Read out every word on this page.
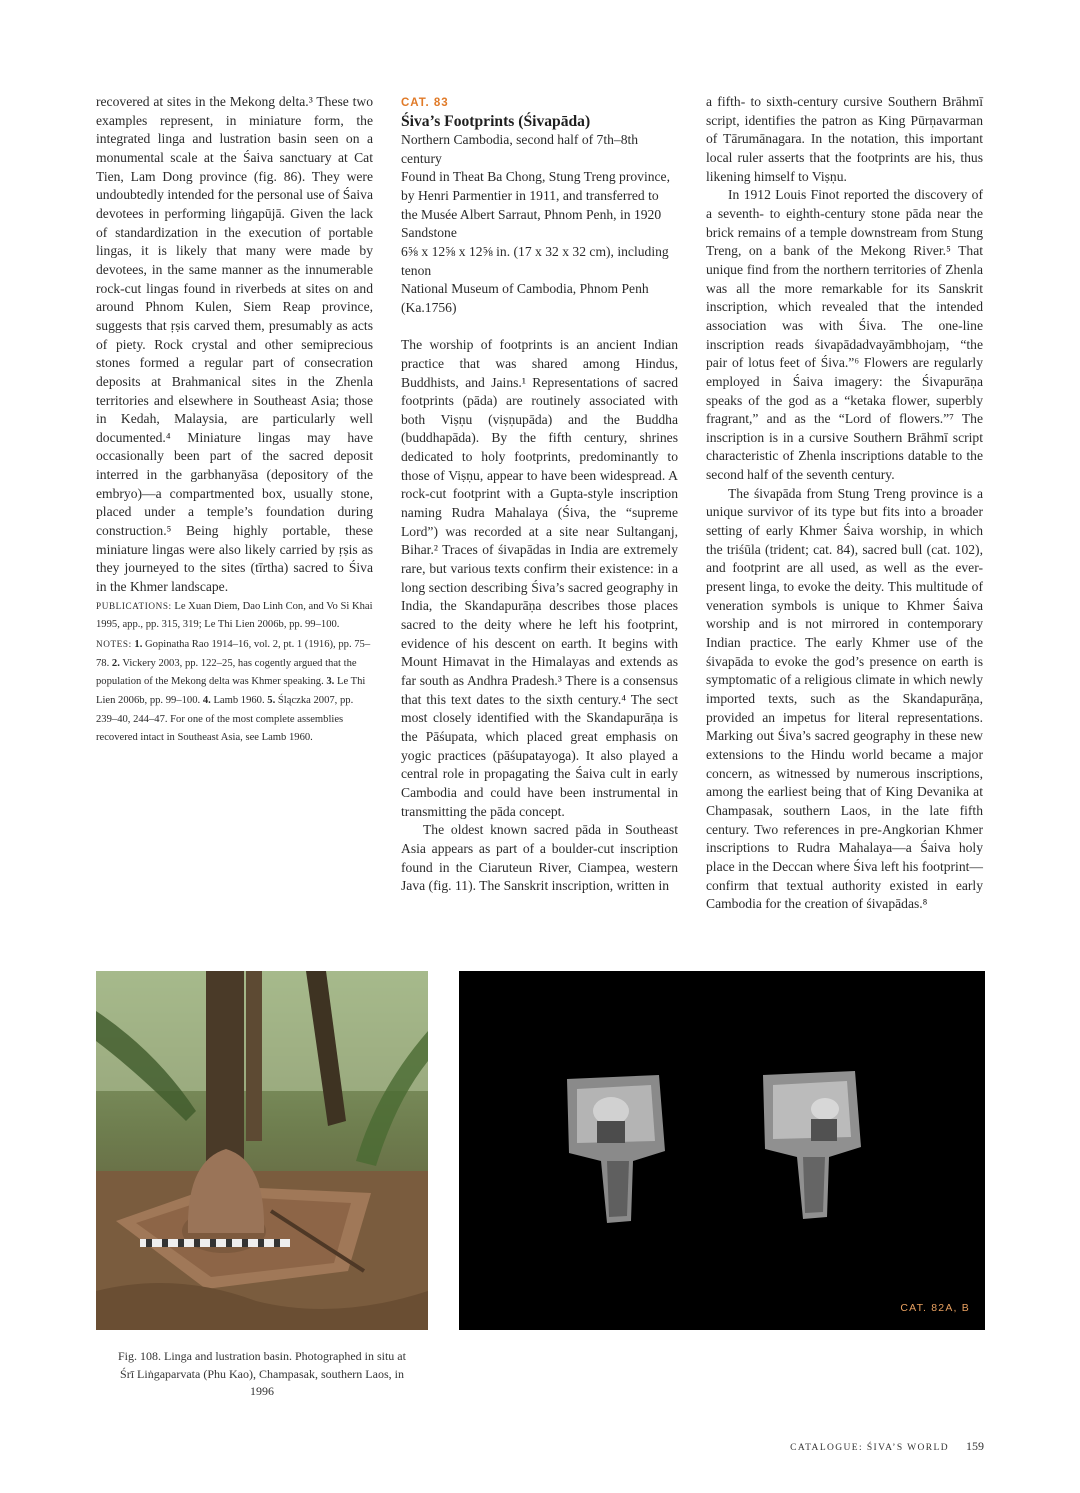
recovered at sites in the Mekong delta.³ These two examples represent, in miniature form, the integrated linga and lustration basin seen on a monumental scale at the Śaiva sanctuary at Cat Tien, Lam Dong province (fig. 86). They were undoubtedly intended for the personal use of Śaiva devotees in performing liṅgapūjā. Given the lack of standardization in the execution of portable lingas, it is likely that many were made by devotees, in the same manner as the innumerable rock-cut lingas found in riverbeds at sites on and around Phnom Kulen, Siem Reap province, suggests that ṛṣis carved them, presumably as acts of piety. Rock crystal and other semiprecious stones formed a regular part of consecration deposits at Brahmanical sites in the Zhenla territories and elsewhere in Southeast Asia; those in Kedah, Malaysia, are particularly well documented.⁴ Miniature lingas may have occasionally been part of the sacred deposit interred in the garbhanyāsa (depository of the embryo)—a compartmented box, usually stone, placed under a temple’s foundation during construction.⁵ Being highly portable, these miniature lingas were also likely carried by ṛṣis as they journeyed to the sites (tīrtha) sacred to Śiva in the Khmer landscape.

PUBLICATIONS: Le Xuan Diem, Dao Linh Con, and Vo Si Khai 1995, app., pp. 315, 319; Le Thi Lien 2006b, pp. 99–100.

NOTES: 1. Gopinatha Rao 1914–16, vol. 2, pt. 1 (1916), pp. 75–78. 2. Vickery 2003, pp. 122–25, has cogently argued that the population of the Mekong delta was Khmer speaking. 3. Le Thi Lien 2006b, pp. 99–100. 4. Lamb 1960. 5. Ślączka 2007, pp. 239–40, 244–47. For one of the most complete assemblies recovered intact in Southeast Asia, see Lamb 1960.

CAT. 83

Śiva’s Footprints (Śivapāda)

Northern Cambodia, second half of 7th–8th century

Found in Theat Ba Chong, Stung Treng province, by Henri Parmentier in 1911, and transferred to the Musée Albert Sarraut, Phnom Penh, in 1920

Sandstone

6⅝ x 12⅝ x 12⅝ in. (17 x 32 x 32 cm), including tenon

National Museum of Cambodia, Phnom Penh (Ka.1756)

The worship of footprints is an ancient Indian practice that was shared among Hindus, Buddhists, and Jains.¹ Representations of sacred footprints (pāda) are routinely associated with both Viṣṇu (viṣṇupāda) and the Buddha (buddhapāda). By the fifth century, shrines dedicated to holy footprints, predominantly to those of Viṣṇu, appear to have been widespread. A rock-cut footprint with a Gupta-style inscription naming Rudra Mahalaya (Śiva, the “supreme Lord”) was recorded at a site near Sultanganj, Bihar.² Traces of śivapādas in India are extremely rare, but various texts confirm their existence: in a long section describing Śiva’s sacred geography in India, the Skandapurāṇa describes those places sacred to the deity where he left his footprint, evidence of his descent on earth. It begins with Mount Himavat in the Himalayas and extends as far south as Andhra Pradesh.³ There is a consensus that this text dates to the sixth century.⁴ The sect most closely identified with the Skandapurāṇa is the Pāśupata, which placed great emphasis on yogic practices (pāśupatayoga). It also played a central role in propagating the Śaiva cult in early Cambodia and could have been instrumental in transmitting the pāda concept.

The oldest known sacred pāda in Southeast Asia appears as part of a boulder-cut inscription found in the Ciaruteun River, Ciampea, western Java (fig. 11). The Sanskrit inscription, written in

a fifth- to sixth-century cursive Southern Brāhmī script, identifies the patron as King Pūrṇavarman of Tārumānagara. In the notation, this important local ruler asserts that the footprints are his, thus likening himself to Viṣṇu.

In 1912 Louis Finot reported the discovery of a seventh- to eighth-century stone pāda near the brick remains of a temple downstream from Stung Treng, on a bank of the Mekong River.⁵ That unique find from the northern territories of Zhenla was all the more remarkable for its Sanskrit inscription, which revealed that the intended association was with Śiva. The one-line inscription reads śivapādadvayāmbhojaṃ, “the pair of lotus feet of Śiva.”⁶ Flowers are regularly employed in Śaiva imagery: the Śivapurāṇa speaks of the god as a “ketaka flower, superbly fragrant,” and as the “Lord of flowers.”⁷ The inscription is in a cursive Southern Brāhmī script characteristic of Zhenla inscriptions datable to the second half of the seventh century.

The śivapāda from Stung Treng province is a unique survivor of its type but fits into a broader setting of early Khmer Śaiva worship, in which the triśūla (trident; cat. 84), sacred bull (cat. 102), and footprint are all used, as well as the ever-present linga, to evoke the deity. This multitude of veneration symbols is unique to Khmer Śaiva worship and is not mirrored in contemporary Indian practice. The early Khmer use of the śivapāda to evoke the god’s presence on earth is symptomatic of a religious climate in which newly imported texts, such as the Skandapurāṇa, provided an impetus for literal representations. Marking out Śiva’s sacred geography in these new extensions to the Hindu world became a major concern, as witnessed by numerous inscriptions, among the earliest being that of King Devanika at Champasak, southern Laos, in the late fifth century. Two references in pre-Angkorian Khmer inscriptions to Rudra Mahalaya—a Śaiva holy place in the Deccan where Śiva left his footprint—confirm that textual authority existed in early Cambodia for the creation of śivapādas.⁸

CAT. 82A, B

Fig. 108. Linga and lustration basin. Photographed in situ at Śrī Liṅgaparvata (Phu Kao), Champasak, southern Laos, in 1996

CATALOGUE: ŚIVA’S WORLD 159
